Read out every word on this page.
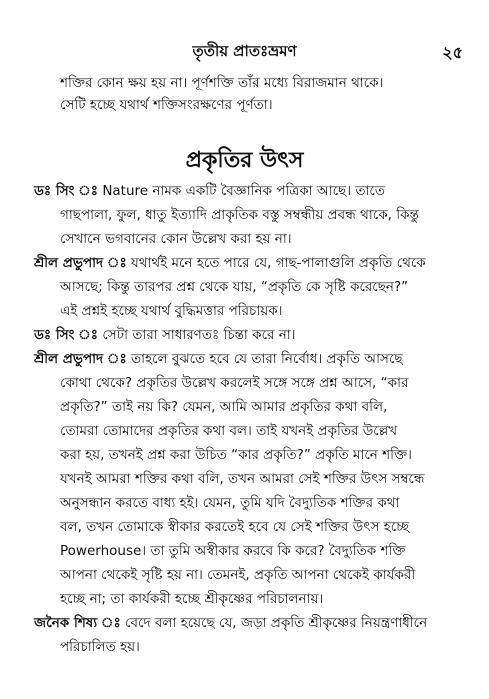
তৃতীয় প্রাতঃভ্রমণ	২৫
শক্তির কোন ক্ষয় হয় না। পূর্ণশক্তি তাঁর মধ্যে বিরাজমান থাকে।
সেটি হচ্ছে যথার্থ শক্তিসংরক্ষণের পূর্ণতা।
প্রকৃতির উৎস
ডঃ সিং ঃ Nature নামক একটি বৈজ্ঞানিক পত্রিকা আছে। তাতে
গাছপালা, ফুল, ধাতু ইত্যাদি প্রাকৃতিক বস্তু সম্বন্ধীয় প্রবন্ধ থাকে, কিন্তু
সেখানে ভগবানের কোন উল্লেখ করা হয় না।
শ্রীল প্রভুপাদ ঃ যথার্থই মনে হতে পারে যে, গাছ-পালাগুলি প্রকৃতি থেকে
আসছে; কিন্তু তারপর প্রশ্ন থেকে যায়, “প্রকৃতি কে সৃষ্টি করেছেন?”
এই প্রশ্নই হচ্ছে যথার্থ বুদ্ধিমত্তার পরিচায়ক।
ডঃ সিং ঃ সেটা তারা সাধারণতঃ চিন্তা করে না।
শ্রীল প্রভুপাদ ঃ তাহলে বুঝতে হবে যে তারা নির্বোধ। প্রকৃতি আসছে
কোথা থেকে? প্রকৃতির উল্লেখ করলেই সঙ্গে সঙ্গে প্রশ্ন আসে, “কার
প্রকৃতি?” তাই নয় কি? যেমন, আমি আমার প্রকৃতির কথা বলি,
তোমরা তোমাদের প্রকৃতির কথা বল। তাই যখনই প্রকৃতির উল্লেখ
করা হয়, তখনই প্রশ্ন করা উচিত “কার প্রকৃতি?” প্রকৃতি মানে শক্তি।
যখনই আমরা শক্তির কথা বলি, তখন আমরা সেই শক্তির উৎস সম্বন্ধে
অনুসন্ধান করতে বাধ্য হই। যেমন, তুমি যদি বৈদ্যুতিক শক্তির কথা
বল, তখন তোমাকে স্বীকার করতেই হবে যে সেই শক্তির উৎস হচ্ছে
Powerhouse। তা তুমি অস্বীকার করবে কি করে? বৈদ্যুতিক শক্তি
আপনা থেকেই সৃষ্টি হয় না। তেমনই, প্রকৃতি আপনা থেকেই কার্যকরী
হচ্ছে না; তা কার্যকরী হচ্ছে শ্রীকৃষ্ণের পরিচালনায়।
জনৈক শিষ্য ঃ বেদে বলা হয়েছে যে, জড়া প্রকৃতি শ্রীকৃষ্ণের নিয়ন্ত্রণাধীনে
পরিচালিত হয়।
